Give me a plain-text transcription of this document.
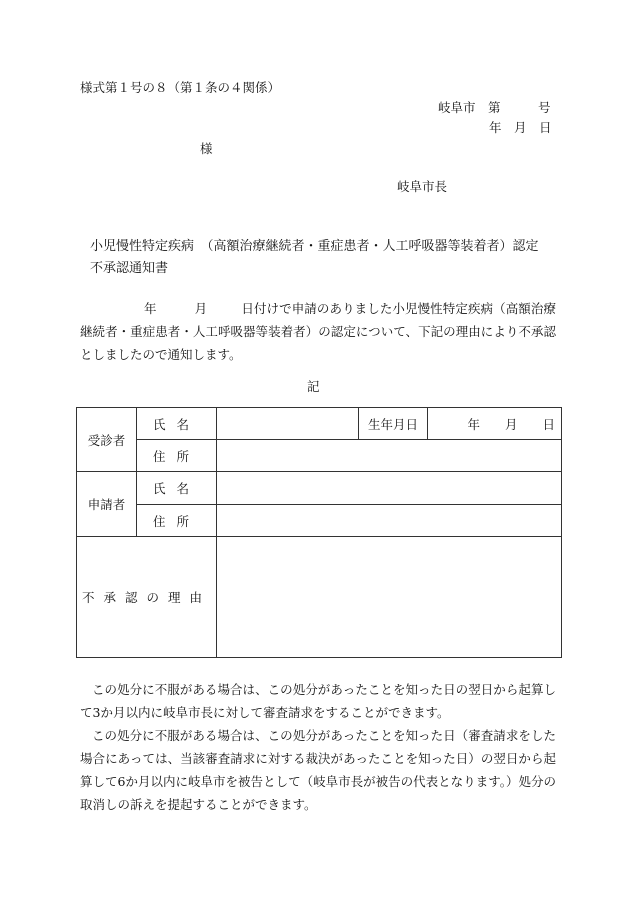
様式第１号の８（第１条の４関係）
岐阜市　第　　　号
年　月　日
様
岐阜市長
小児慢性特定疾病　（高額治療継続者・重症患者・人工呼吸器等装着者）認定
不承認通知書
年	月	日付けで申請のありました小児慢性特定疾病（高額治療継続者・重症患者・人工呼吸器等装着者）の認定について、下記の理由により不承認としましたので通知します。
記
受診者	氏名		生年月日	年　　月　　日
	住所			
申請者	氏名			
	住所			
不承認の理由				
この処分に不服がある場合は、この処分があったことを知った日の翌日から起算して3か月以内に岐阜市長に対して審査請求をすることができます。
この処分に不服がある場合は、この処分があったことを知った日（審査請求をした場合にあっては、当該審査請求に対する裁決があったことを知った日）の翌日から起算して6か月以内に岐阜市を被告として（岐阜市長が被告の代表となります。）処分の取消しの訴えを提起することができます。
